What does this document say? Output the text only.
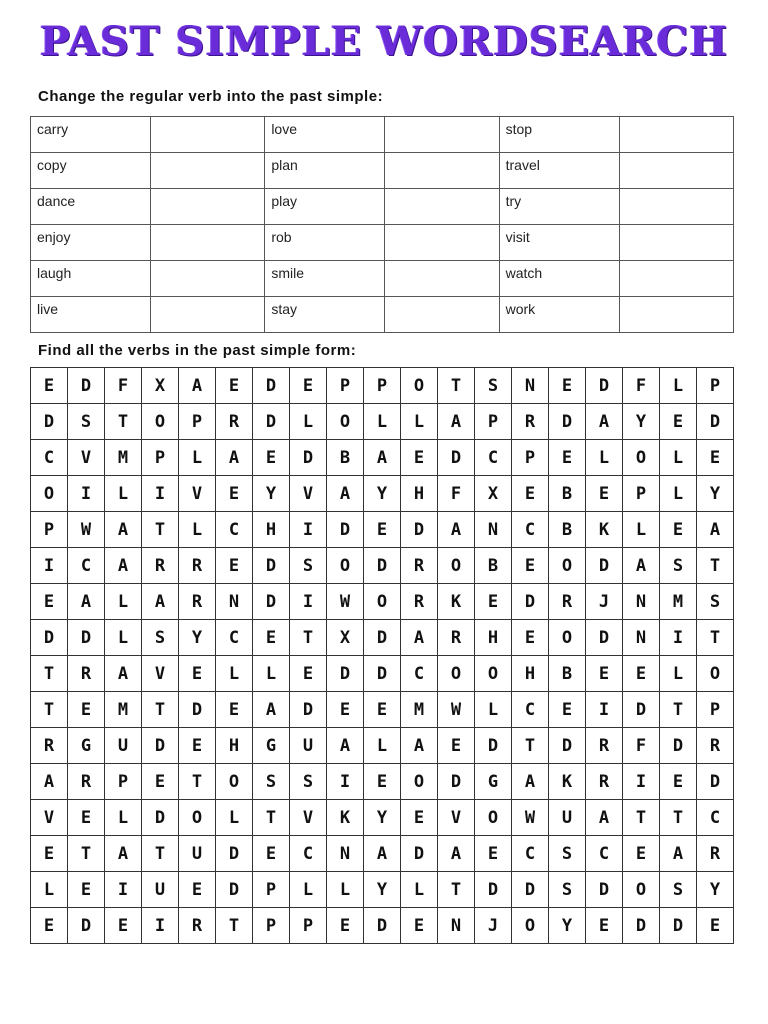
PAST SIMPLE WORDSEARCH
Change the regular verb into the past simple:
carry		love		stop	
copy		plan		travel	
dance		play		try	
enjoy		rob		visit	
laugh		smile		watch	
live		stay		work	
Find all the verbs in the past simple form:
E	D	F	X	A	E	D	E	P	P	O	T	S	N	E	D	F	L	P
D	S	T	O	P	R	D	L	O	L	L	A	P	R	D	A	Y	E	D
C	V	M	P	L	A	E	D	B	A	E	D	C	P	E	L	O	L	E
O	I	L	I	V	E	Y	V	A	Y	H	F	X	E	B	E	P	L	Y
P	W	A	T	L	C	H	I	D	E	D	A	N	C	B	K	L	E	A
I	C	A	R	R	E	D	S	O	D	R	O	B	E	O	D	A	S	T
E	A	L	A	R	N	D	I	W	O	R	K	E	D	R	J	N	M	S
D	D	L	S	Y	C	E	T	X	D	A	R	H	E	O	D	N	I	T
T	R	A	V	E	L	L	E	D	D	C	O	O	H	B	E	E	L	O
T	E	M	T	D	E	A	D	E	E	M	W	L	C	E	I	D	T	P
R	G	U	D	E	H	G	U	A	L	A	E	D	T	D	R	F	D	R
A	R	P	E	T	O	S	S	I	E	O	D	G	A	K	R	I	E	D
V	E	L	D	O	L	T	V	K	Y	E	V	O	W	U	A	T	T	C
E	T	A	T	U	D	E	C	N	A	D	A	E	C	S	C	E	A	R
L	E	I	U	E	D	P	L	L	Y	L	T	D	D	S	D	O	S	Y
E	D	E	I	R	T	P	P	E	D	E	N	J	O	Y	E	D	D	E
